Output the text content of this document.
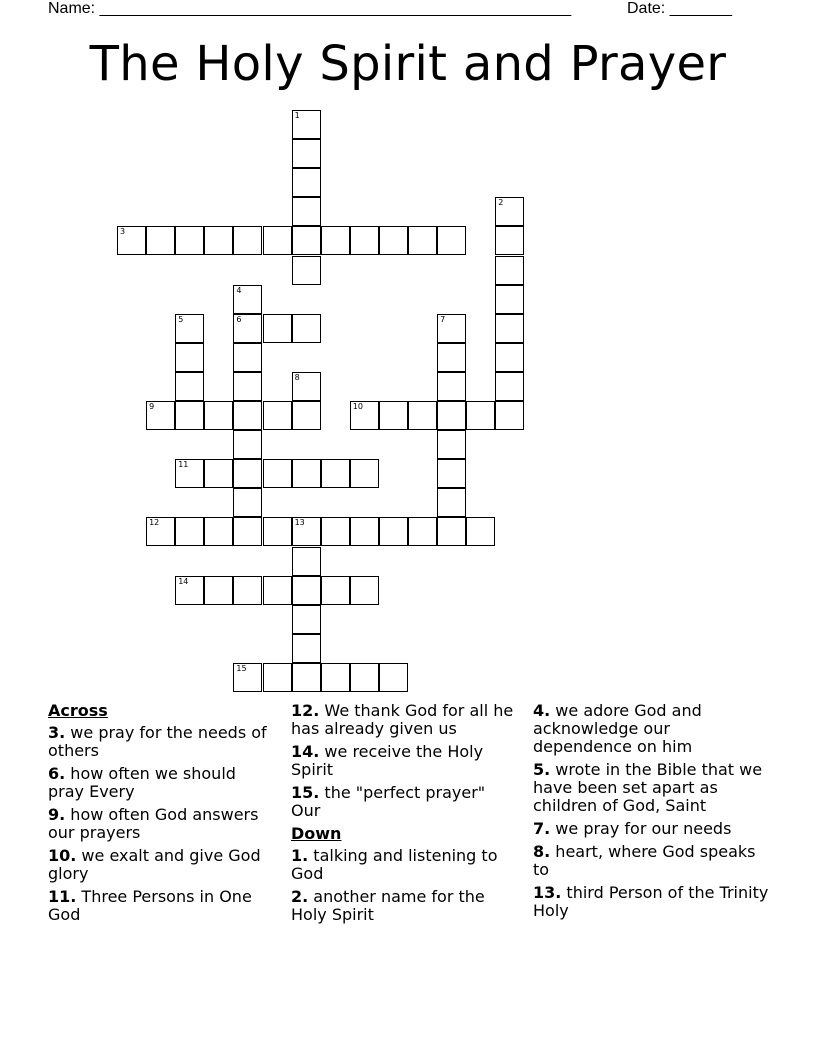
Name: _____________________________________________________	Date: _______
The Holy Spirit and Prayer
1
2
3
4
5	6	7
8
9	10
11
12	13
14
15
Across
3. we pray for the needs of others
6. how often we should pray Every
9. how often God answers our prayers
10. we exalt and give God glory
11. Three Persons in One God
12. We thank God for all he has already given us
14. we receive the Holy Spirit
15. the "perfect prayer" Our
Down
1. talking and listening to God
2. another name for the Holy Spirit
4. we adore God and acknowledge our dependence on him
5. wrote in the Bible that we have been set apart as children of God, Saint
7. we pray for our needs
8. heart, where God speaks to
13. third Person of the Trinity Holy
